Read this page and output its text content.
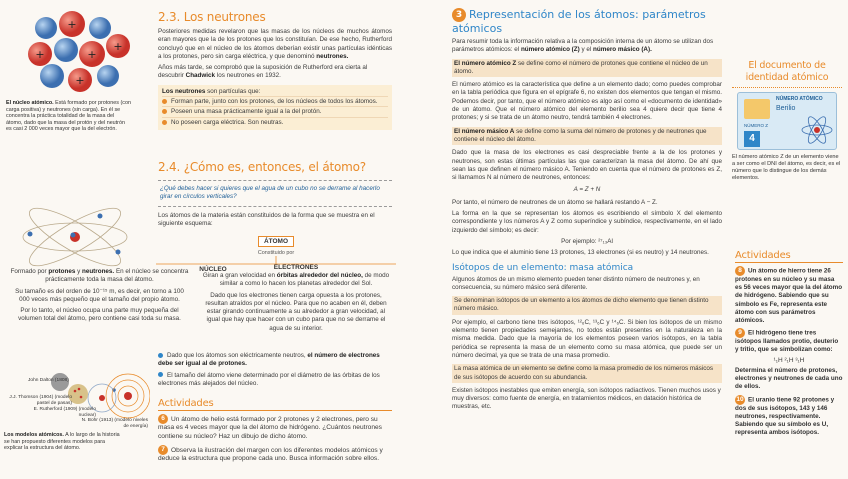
+
+
+	+
+
El núcleo atómico. Está formado por protones (con carga positiva) y neutrones (sin carga). En él se concentra la práctica totalidad de la masa del átomo, dado que la masa del protón y del neutrón es casi 2 000 veces mayor que la del electrón.
John Dalton (1808)
J.J. Thomson (1904) (modelo pastel de pasas)
E. Rutherford (1909) (modelo nuclear)
N. Bohr (1913) (modelo niveles de energía)
Los modelos atómicos. A lo largo de la historia se han propuesto diferentes modelos para explicar la estructura del átomo.
2.3. Los neutrones

Posteriores medidas revelaron que las masas de los núcleos de muchos átomos eran mayores que la de los protones que los constituían. De ese hecho, Rutherford concluyó que en el núcleo de los átomos deberían existir unas partículas idénticas a los protones, pero sin carga eléctrica, y que denominó neutrones.

Años más tarde, se comprobó que la suposición de Rutherford era cierta al descubrir Chadwick los neutrones en 1932.

Los neutrones son partículas que:

Forman parte, junto con los protones, de los núcleos de todos los átomos.

Poseen una masa prácticamente igual a la del protón.

No poseen carga eléctrica. Son neutras.

2.4. ¿Cómo es, entonces, el átomo?

¿Qué debes hacer si quieres que el agua de un cubo no se derrame al hacerlo girar en círculos verticales?

Los átomos de la materia están constituidos de la forma que se muestra en el siguiente esquema:

ÁTOMO
Constituido por
NÚCLEO

Formado por protones y neutrones. En el núcleo se concentra prácticamente toda la masa del átomo.

Su tamaño es del orden de 10⁻¹⁵ m, es decir, en torno a 100 000 veces más pequeño que el tamaño del propio átomo.

Por lo tanto, el núcleo ocupa una parte muy pequeña del volumen total del átomo, pero contiene casi toda su masa.

ELECTRONES

Giran a gran velocidad en órbitas alrededor del núcleo, de modo similar a como lo hacen los planetas alrededor del Sol.

Dado que los electrones tienen carga opuesta a los protones, resultan atraídos por el núcleo. Para que no acaben en él, deben estar girando continuamente a su alrededor a gran velocidad, al igual que hay que hacer con un cubo para que no se derrame el agua de su interior.

Dado que los átomos son eléctricamente neutros, el número de electrones debe ser igual al de protones.

El tamaño del átomo viene determinado por el diámetro de las órbitas de los electrones más alejados del núcleo.

Actividades

6 Un átomo de helio está formado por 2 protones y 2 electrones, pero su masa es 4 veces mayor que la del átomo de hidrógeno. ¿Cuántos neutrones contiene su núcleo? Haz un dibujo de dicho átomo.

7 Observa la ilustración del margen con los diferentes modelos atómicos y deduce la estructura que propone cada uno. Busca información sobre ellos.

3 Representación de los átomos: parámetros atómicos

Para resumir toda la información relativa a la composición interna de un átomo se utilizan dos parámetros atómicos: el número atómico (Z) y el número másico (A).

El número atómico Z se define como el número de protones que contiene el núcleo de un átomo.

El número atómico es la característica que define a un elemento dado; como puedes comprobar en la tabla periódica que figura en el epígrafe 6, no existen dos elementos que tengan el mismo. Podemos decir, por tanto, que el número atómico es algo así como el «documento de identidad» de un átomo. Que el número atómico del elemento berilio sea 4 quiere decir que tiene 4 protones; y si se trata de un átomo neutro, tendrá también 4 electrones.

El número másico A se define como la suma del número de protones y de neutrones que contiene el núcleo del átomo.

Dado que la masa de los electrones es casi despreciable frente a la de los protones y neutrones, son estas últimas partículas las que caracterizan la masa del átomo. De ahí que sean las que definen el número másico A. Teniendo en cuenta que el número de protones es Z, si llamamos N al número de neutrones, entonces:

A = Z + N

Por tanto, el número de neutrones de un átomo se hallará restando A − Z.

La forma en la que se representan los átomos es escribiendo el símbolo X del elemento correspondiente y los números A y Z como superíndice y subíndice, respectivamente, en el lado izquierdo del símbolo; es decir:

Por ejemplo: ²⁷₁₃Al

Lo que indica que el aluminio tiene 13 protones, 13 electrones (si es neutro) y 14 neutrones.

Isótopos de un elemento: masa atómica

Algunos átomos de un mismo elemento pueden tener distinto número de neutrones y, en consecuencia, su número másico será diferente.

Se denominan isótopos de un elemento a los átomos de dicho elemento que tienen distinto número másico.

Por ejemplo, el carbono tiene tres isótopos, ¹²₆C, ¹³₆C y ¹⁴₆C. Si bien los isótopos de un mismo elemento tienen propiedades semejantes, no todos están presentes en la naturaleza en la misma medida. Dado que la mayoría de los elementos poseen varios isótopos, en la tabla periódica se representa la masa de un elemento como su masa atómica, que puede ser un número decimal, ya que se trata de una masa promedio.

La masa atómica de un elemento se define como la masa promedio de los números másicos de sus isótopos de acuerdo con su abundancia.

Existen isótopos inestables que emiten energía, son isótopos radiactivos. Tienen muchos usos y muy diversos: como fuente de energía, en tratamientos médicos, en datación histórica de muestras, etc.

El documento de identidad atómico
NÚMERO ATÓMICO
Berilio
NÚMERO Z
4

El número atómico Z de un elemento viene a ser como el DNI del átomo, es decir, es el número que lo distingue de los demás elementos.

Actividades

8 Un átomo de hierro tiene 26 protones en su núcleo y su masa es 56 veces mayor que la del átomo de hidrógeno. Sabiendo que su símbolo es Fe, representa este átomo con sus parámetros atómicos.

9 El hidrógeno tiene tres isótopos llamados protio, deuterio y tritio, que se simbolizan como:

¹₁H ²₁H ³₁H

Determina el número de protones, electrones y neutrones de cada uno de ellos.

10 El uranio tiene 92 protones y dos de sus isótopos, 143 y 146 neutrones, respectivamente. Sabiendo que su símbolo es U, representa ambos isótopos.
